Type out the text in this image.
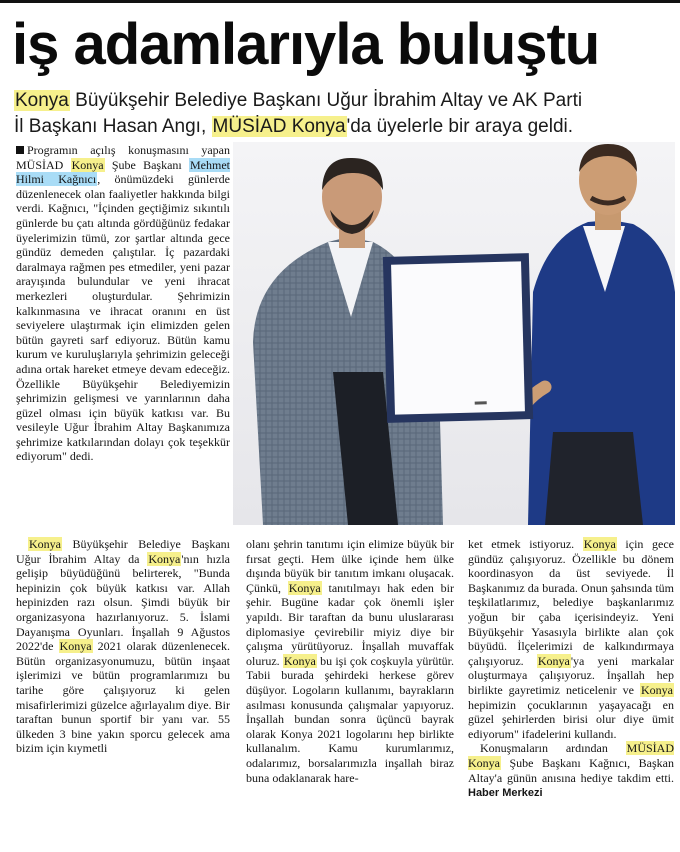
iş adamlarıyla buluştu
Konya Büyükşehir Belediye Başkanı Uğur İbrahim Altay ve AK Parti
İl Başkanı Hasan Angı, MÜSİAD Konya'da üyelerle bir araya geldi.

Programın açılış konuşmasını yapan MÜSİAD Konya Şube Başkanı Mehmet Hilmi Kağnıcı, önümüzdeki günlerde düzenlenecek olan faaliyetler hakkında bilgi verdi. Kağnıcı, "İçinden geçtiğimiz sıkıntılı günlerde bu çatı altında gördüğünüz fedakar üyelerimizin tümü, zor şartlar altında gece gündüz demeden çalıştılar. İç pazardaki daralmaya rağmen pes etmediler, yeni pazar arayışında bulundular ve yeni ihracat merkezleri oluşturdular. Şehrimizin kalkınmasına ve ihracat oranını en üst seviyelere ulaştırmak için elimizden gelen bütün gayreti sarf ediyoruz. Bütün kamu kurum ve kuruluşlarıyla şehrimizin geleceği adına ortak hareket etmeye devam edeceğiz. Özellikle Büyükşehir Belediyemizin şehrimizin gelişmesi ve yarınlarının daha güzel olması için büyük katkısı var. Bu vesileyle Uğur İbrahim Altay Başkanımıza şehrimize katkılarından dolayı çok teşekkür ediyorum" dedi.

Konya Büyükşehir Belediye Başkanı Uğur İbrahim Altay da Konya'nın hızla gelişip büyüdüğünü belirterek, "Bunda hepinizin çok büyük katkısı var. Allah hepinizden razı olsun. Şimdi büyük bir organizasyona hazırlanıyoruz. 5. İslami Dayanışma Oyunları. İnşallah 9 Ağustos 2022'de Konya 2021 olarak düzenlenecek. Bütün organizasyonumuzu, bütün inşaat işlerimizi ve bütün programlarımızı bu tarihe göre çalışıyoruz ki gelen misafirlerimizi güzelce ağırlayalım diye. Bir taraftan bunun sportif bir yanı var. 55 ülkeden 3 bine yakın sporcu gelecek ama bizim için kıymetli

olanı şehrin tanıtımı için elimize büyük bir fırsat geçti. Hem ülke içinde hem ülke dışında büyük bir tanıtım imkanı oluşacak. Çünkü, Konya tanıtılmayı hak eden bir şehir. Bugüne kadar çok önemli işler yapıldı. Bir taraftan da bunu uluslararası diplomasiye çevirebilir miyiz diye bir çalışma yürütüyoruz. İnşallah muvaffak oluruz. Konya bu işi çok coşkuyla yürütür. Tabii burada şehirdeki herkese görev düşüyor. Logoların kullanımı, bayrakların asılması konusunda çalışmalar yapıyoruz. İnşallah bundan sonra üçüncü bayrak olarak Konya 2021 logolarını hep birlikte kullanalım. Kamu kurumlarımız, odalarımız, borsalarımızla inşallah biraz buna odaklanarak hare-

ket etmek istiyoruz. Konya için gece gündüz çalışıyoruz. Özellikle bu dönem koordinasyon da üst seviyede. İl Başkanımız da burada. Onun şahsında tüm teşkilatlarımız, belediye başkanlarımız yoğun bir çaba içerisindeyiz. Yeni Büyükşehir Yasasıyla birlikte alan çok büyüdü. İlçelerimizi de kalkındırmaya çalışıyoruz. Konya'ya yeni markalar oluşturmaya çalışıyoruz. İnşallah hep birlikte gayretimiz neticelenir ve Konya hepimizin çocuklarının yaşayacağı en güzel şehirlerden birisi olur diye ümit ediyorum" ifadelerini kullandı.

Konuşmaların ardından MÜSİAD Konya Şube Başkanı Kağnıcı, Başkan Altay'a günün anısına hediye takdim etti. Haber Merkezi
